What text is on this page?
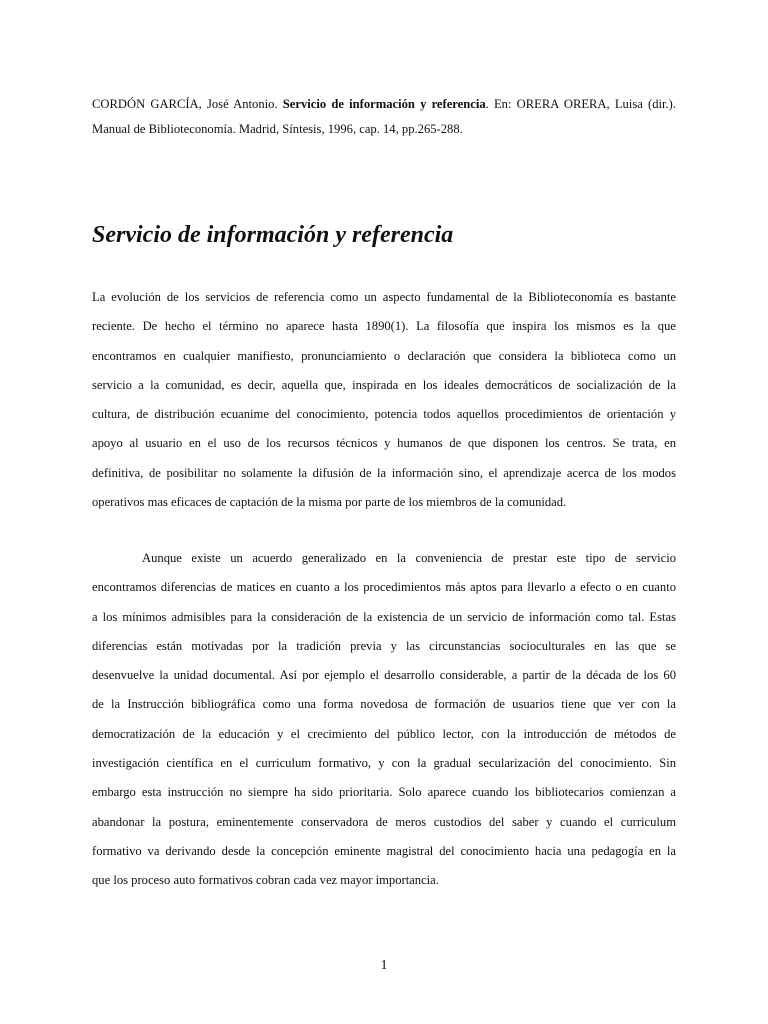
CORDÓN GARCÍA, José Antonio. Servicio de información y referencia. En: ORERA ORERA, Luisa (dir.).
Manual de Biblioteconomía. Madrid, Síntesis, 1996, cap. 14, pp.265-288.
Servicio de información y referencia
La evolución de los servicios de referencia como un aspecto fundamental de la Biblioteconomía es bastante
reciente. De hecho el término no aparece hasta 1890(1). La filosofía que inspira los mismos es la que
encontramos en cualquier manifiesto, pronunciamiento o declaración que considera la biblioteca como un
servicio a la comunidad, es decir, aquella que, inspirada en los ideales democráticos de socialización de la
cultura, de distribución ecuanime del conocimiento, potencia todos aquellos procedimientos de orientación y
apoyo al usuario en el uso de los recursos técnicos y humanos de que disponen los centros. Se trata, en
definitiva, de posibilitar no solamente la difusión de la información sino, el aprendizaje acerca de los modos
operativos mas eficaces de captación de la misma por parte de los miembros de la comunidad.
Aunque existe un acuerdo generalizado en la conveniencia de prestar este tipo de servicio
encontramos diferencias de matices en cuanto a los procedimientos más aptos para llevarlo a efecto o en cuanto
a los mínimos admisibles para la consideración de la existencia de un servicio de información como tal. Estas
diferencias están motivadas por la tradición previa y las circunstancias socioculturales en las que se
desenvuelve la unidad documental. Así por ejemplo el desarrollo considerable, a partir de la década de los 60
de la Instrucción bibliográfica como una forma novedosa de formación de usuarios tiene que ver con la
democratización de la educación y el crecimiento del público lector, con la introducción de métodos de
investigación científica en el curriculum formativo, y con la gradual secularización del conocimiento. Sin
embargo esta instrucción no siempre ha sido prioritaria. Solo aparece cuando los bibliotecarios comienzan a
abandonar la postura, eminentemente conservadora de meros custodios del saber y cuando el curriculum
formativo va derivando desde la concepción eminente magistral del conocimiento hacia una pedagogía en la
que los proceso auto formativos cobran cada vez mayor importancia.
1
